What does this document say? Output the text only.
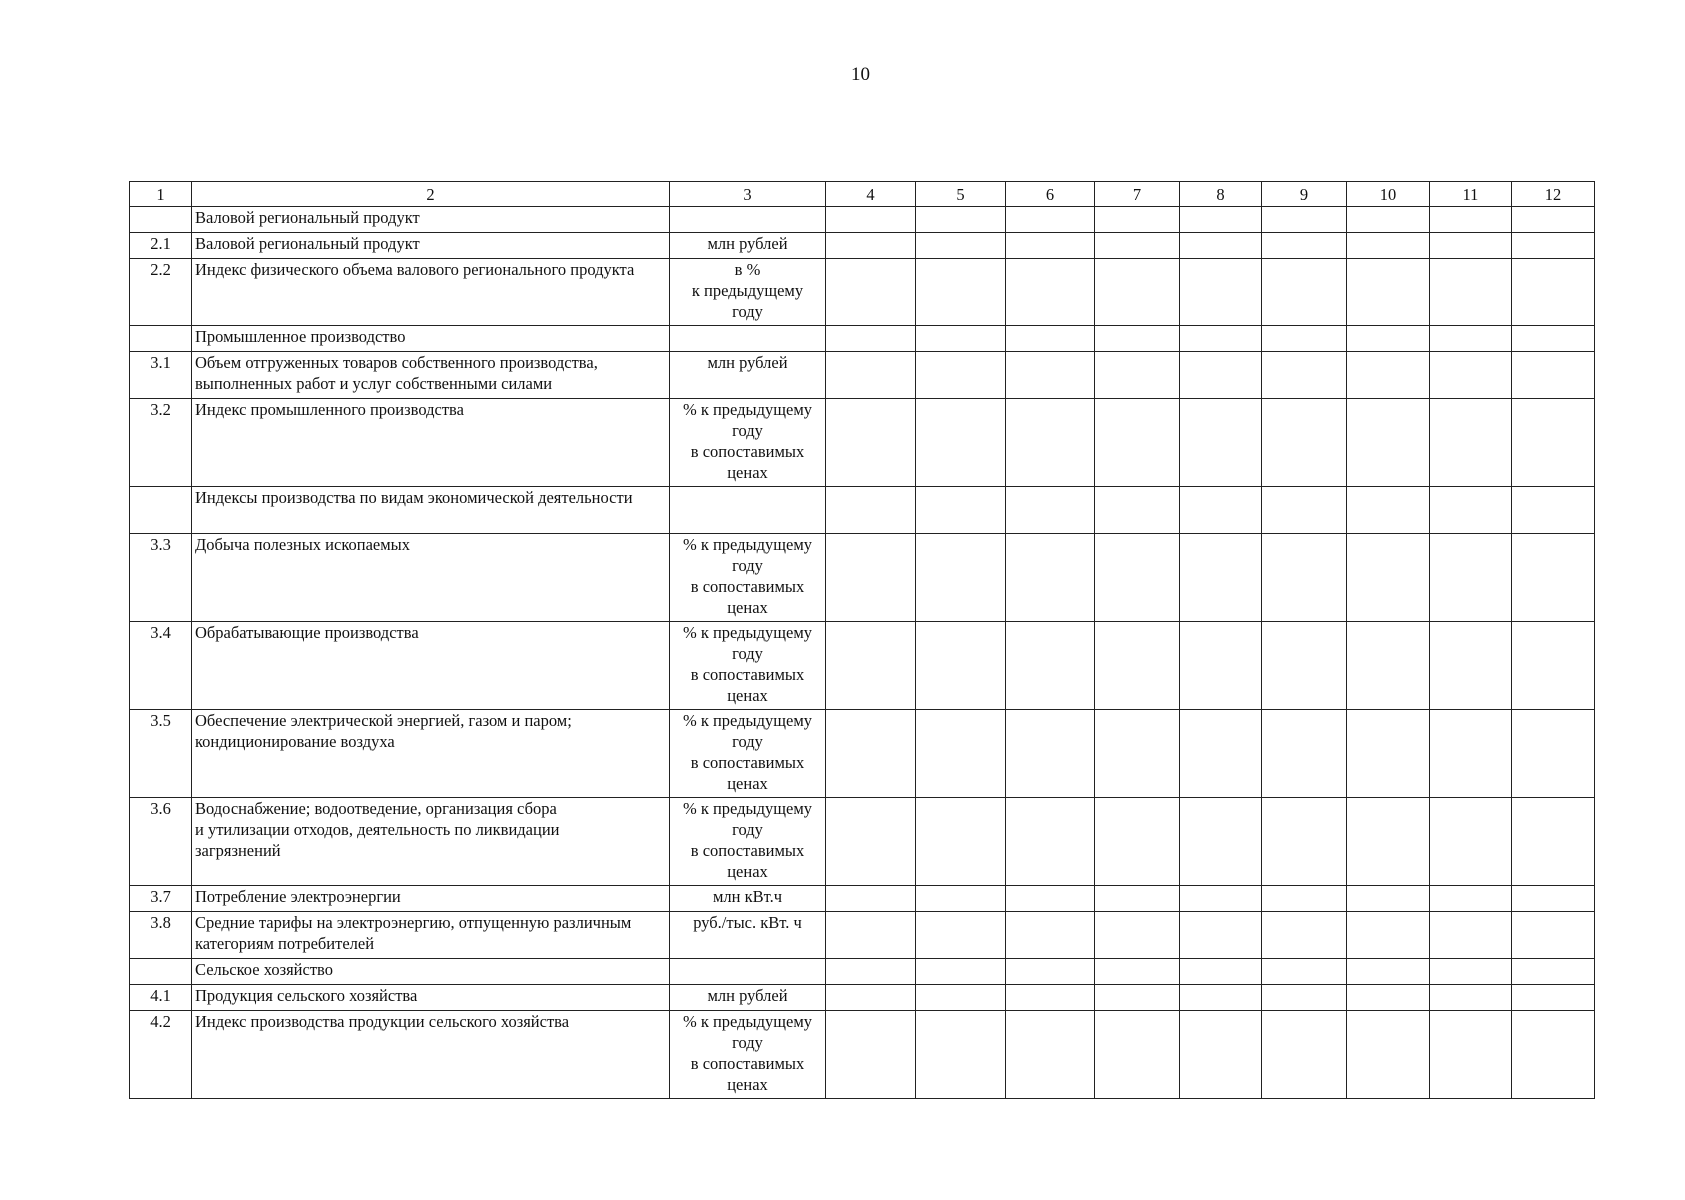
10
1	2	3	4	5	6	7	8	9	10	11	12
	Валовой региональный продукт										
2.1	Валовой региональный продукт	млн рублей									
2.2	Индекс физического объема валового регионального продукта	в %
к предыдущему
году									
	Промышленное производство										
3.1	Объем отгруженных товаров собственного производства, выполненных работ и услуг собственными силами	млн рублей									
3.2	Индекс промышленного производства	% к предыдущему
году
в сопоставимых
ценах									
	Индексы производства по видам экономической деятельности										
3.3	Добыча полезных ископаемых	% к предыдущему
году
в сопоставимых
ценах									
3.4	Обрабатывающие производства	% к предыдущему
году
в сопоставимых
ценах									
3.5	Обеспечение электрической энергией, газом и паром;
кондиционирование воздуха	% к предыдущему
году
в сопоставимых
ценах									
3.6	Водоснабжение; водоотведение, организация сбора
и утилизации отходов, деятельность по ликвидации
загрязнений	% к предыдущему
году
в сопоставимых
ценах									
3.7	Потребление электроэнергии	млн кВт.ч									
3.8	Средние тарифы на электроэнергию, отпущенную различным категориям потребителей	руб./тыс. кВт. ч									
	Сельское хозяйство										
4.1	Продукция сельского хозяйства	млн рублей									
4.2	Индекс производства продукции сельского хозяйства	% к предыдущему
году
в сопоставимых
ценах									
